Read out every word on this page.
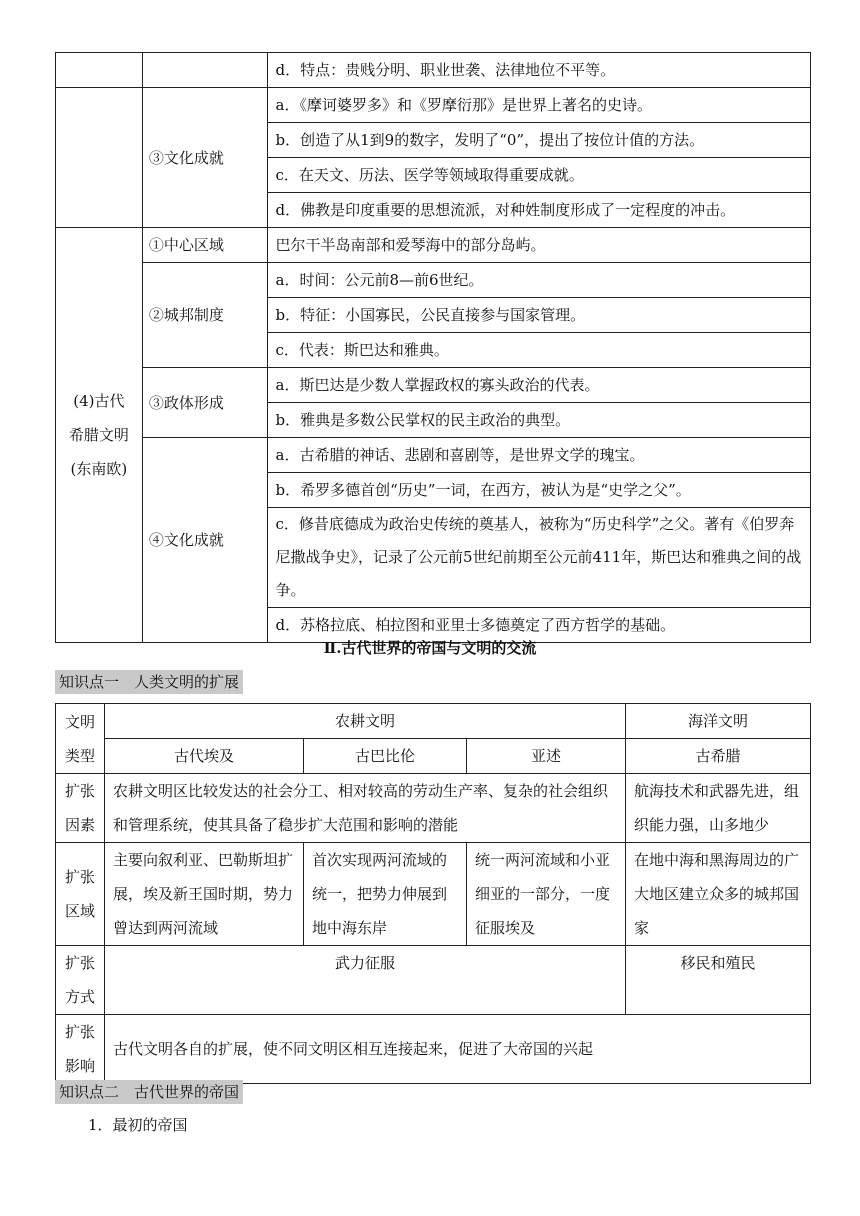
		d．特点：贵贱分明、职业世袭、法律地位不平等。
	③文化成就	a．《摩诃婆罗多》和《罗摩衍那》是世界上著名的史诗。
		b．创造了从1到9的数字，发明了“0”，提出了按位计值的方法。
		c．在天文、历法、医学等领域取得重要成就。
		d．佛教是印度重要的思想流派，对种姓制度形成了一定程度的冲击。

(4)古代
希腊文明
(东南欧)	①中心区域	巴尔干半岛南部和爱琴海中的部分岛屿。
	②城邦制度	a．时间：公元前8—前6世纪。
		b．特征：小国寡民，公民直接参与国家管理。
		c．代表：斯巴达和雅典。
	③政体形成	a．斯巴达是少数人掌握政权的寡头政治的代表。
		b．雅典是多数公民掌权的民主政治的典型。
	④文化成就	a．古希腊的神话、悲剧和喜剧等，是世界文学的瑰宝。
		b．希罗多德首创“历史”一词，在西方，被认为是“史学之父”。
		c．修昔底德成为政治史传统的奠基人，被称为“历史科学”之父。著有《伯罗奔尼撒战争史》，记录了公元前5世纪前期至公元前411年，斯巴达和雅典之间的战争。
		d．苏格拉底、柏拉图和亚里士多德奠定了西方哲学的基础。
Ⅱ.古代世界的帝国与文明的交流
知识点一　人类文明的扩展
文明
类型	农耕文明			海洋文明
	古代埃及	古巴比伦	亚述	古希腊

扩张
因素	农耕文明区比较发达的社会分工、相对较高的劳动生产率、复杂的社会组织和管理系统，使其具备了稳步扩大范围和影响的潜能			航海技术和武器先进，组织能力强，山多地少

扩张
区域	主要向叙利亚、巴勒斯坦扩展，埃及新王国时期，势力曾达到两河流域	首次实现两河流域的统一，把势力伸展到地中海东岸	统一两河流域和小亚细亚的一部分，一度征服埃及	在地中海和黑海周边的广大地区建立众多的城邦国家

扩张
方式	武力征服			移民和殖民

扩张
影响	古代文明各自的扩展，使不同文明区相互连接起来，促进了大帝国的兴起			
知识点二　古代世界的帝国
1．最初的帝国
